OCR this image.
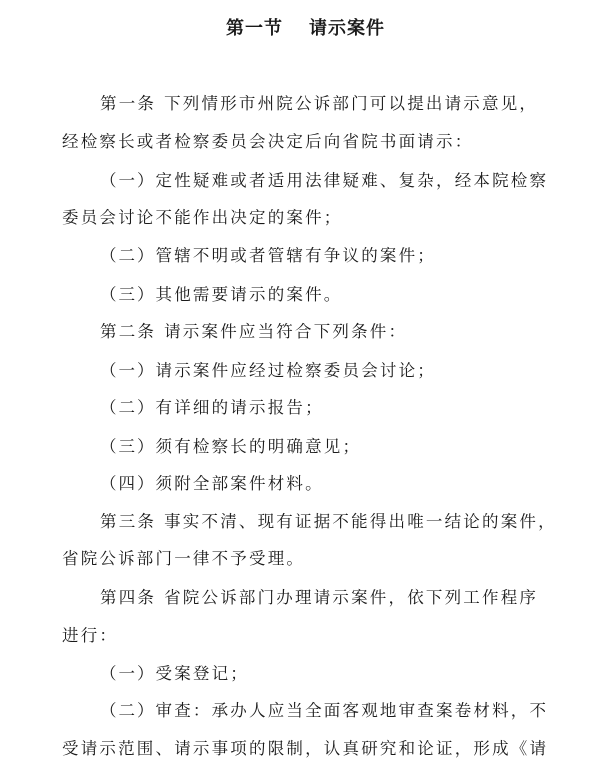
第一节 请示案件
第一条 下列情形市州院公诉部门可以提出请示意见，
经检察长或者检察委员会决定后向省院书面请示：
（一）定性疑难或者适用法律疑难、复杂，经本院检察
委员会讨论不能作出决定的案件；
（二）管辖不明或者管辖有争议的案件；
（三）其他需要请示的案件。
第二条 请示案件应当符合下列条件：
（一）请示案件应经过检察委员会讨论；
（二）有详细的请示报告；
（三）须有检察长的明确意见；
（四）须附全部案件材料。
第三条 事实不清、现有证据不能得出唯一结论的案件，
省院公诉部门一律不予受理。
第四条 省院公诉部门办理请示案件，依下列工作程序
进行：
（一）受案登记；
（二）审查：承办人应当全面客观地审查案卷材料，不
受请示范围、请示事项的限制，认真研究和论证，形成《请
